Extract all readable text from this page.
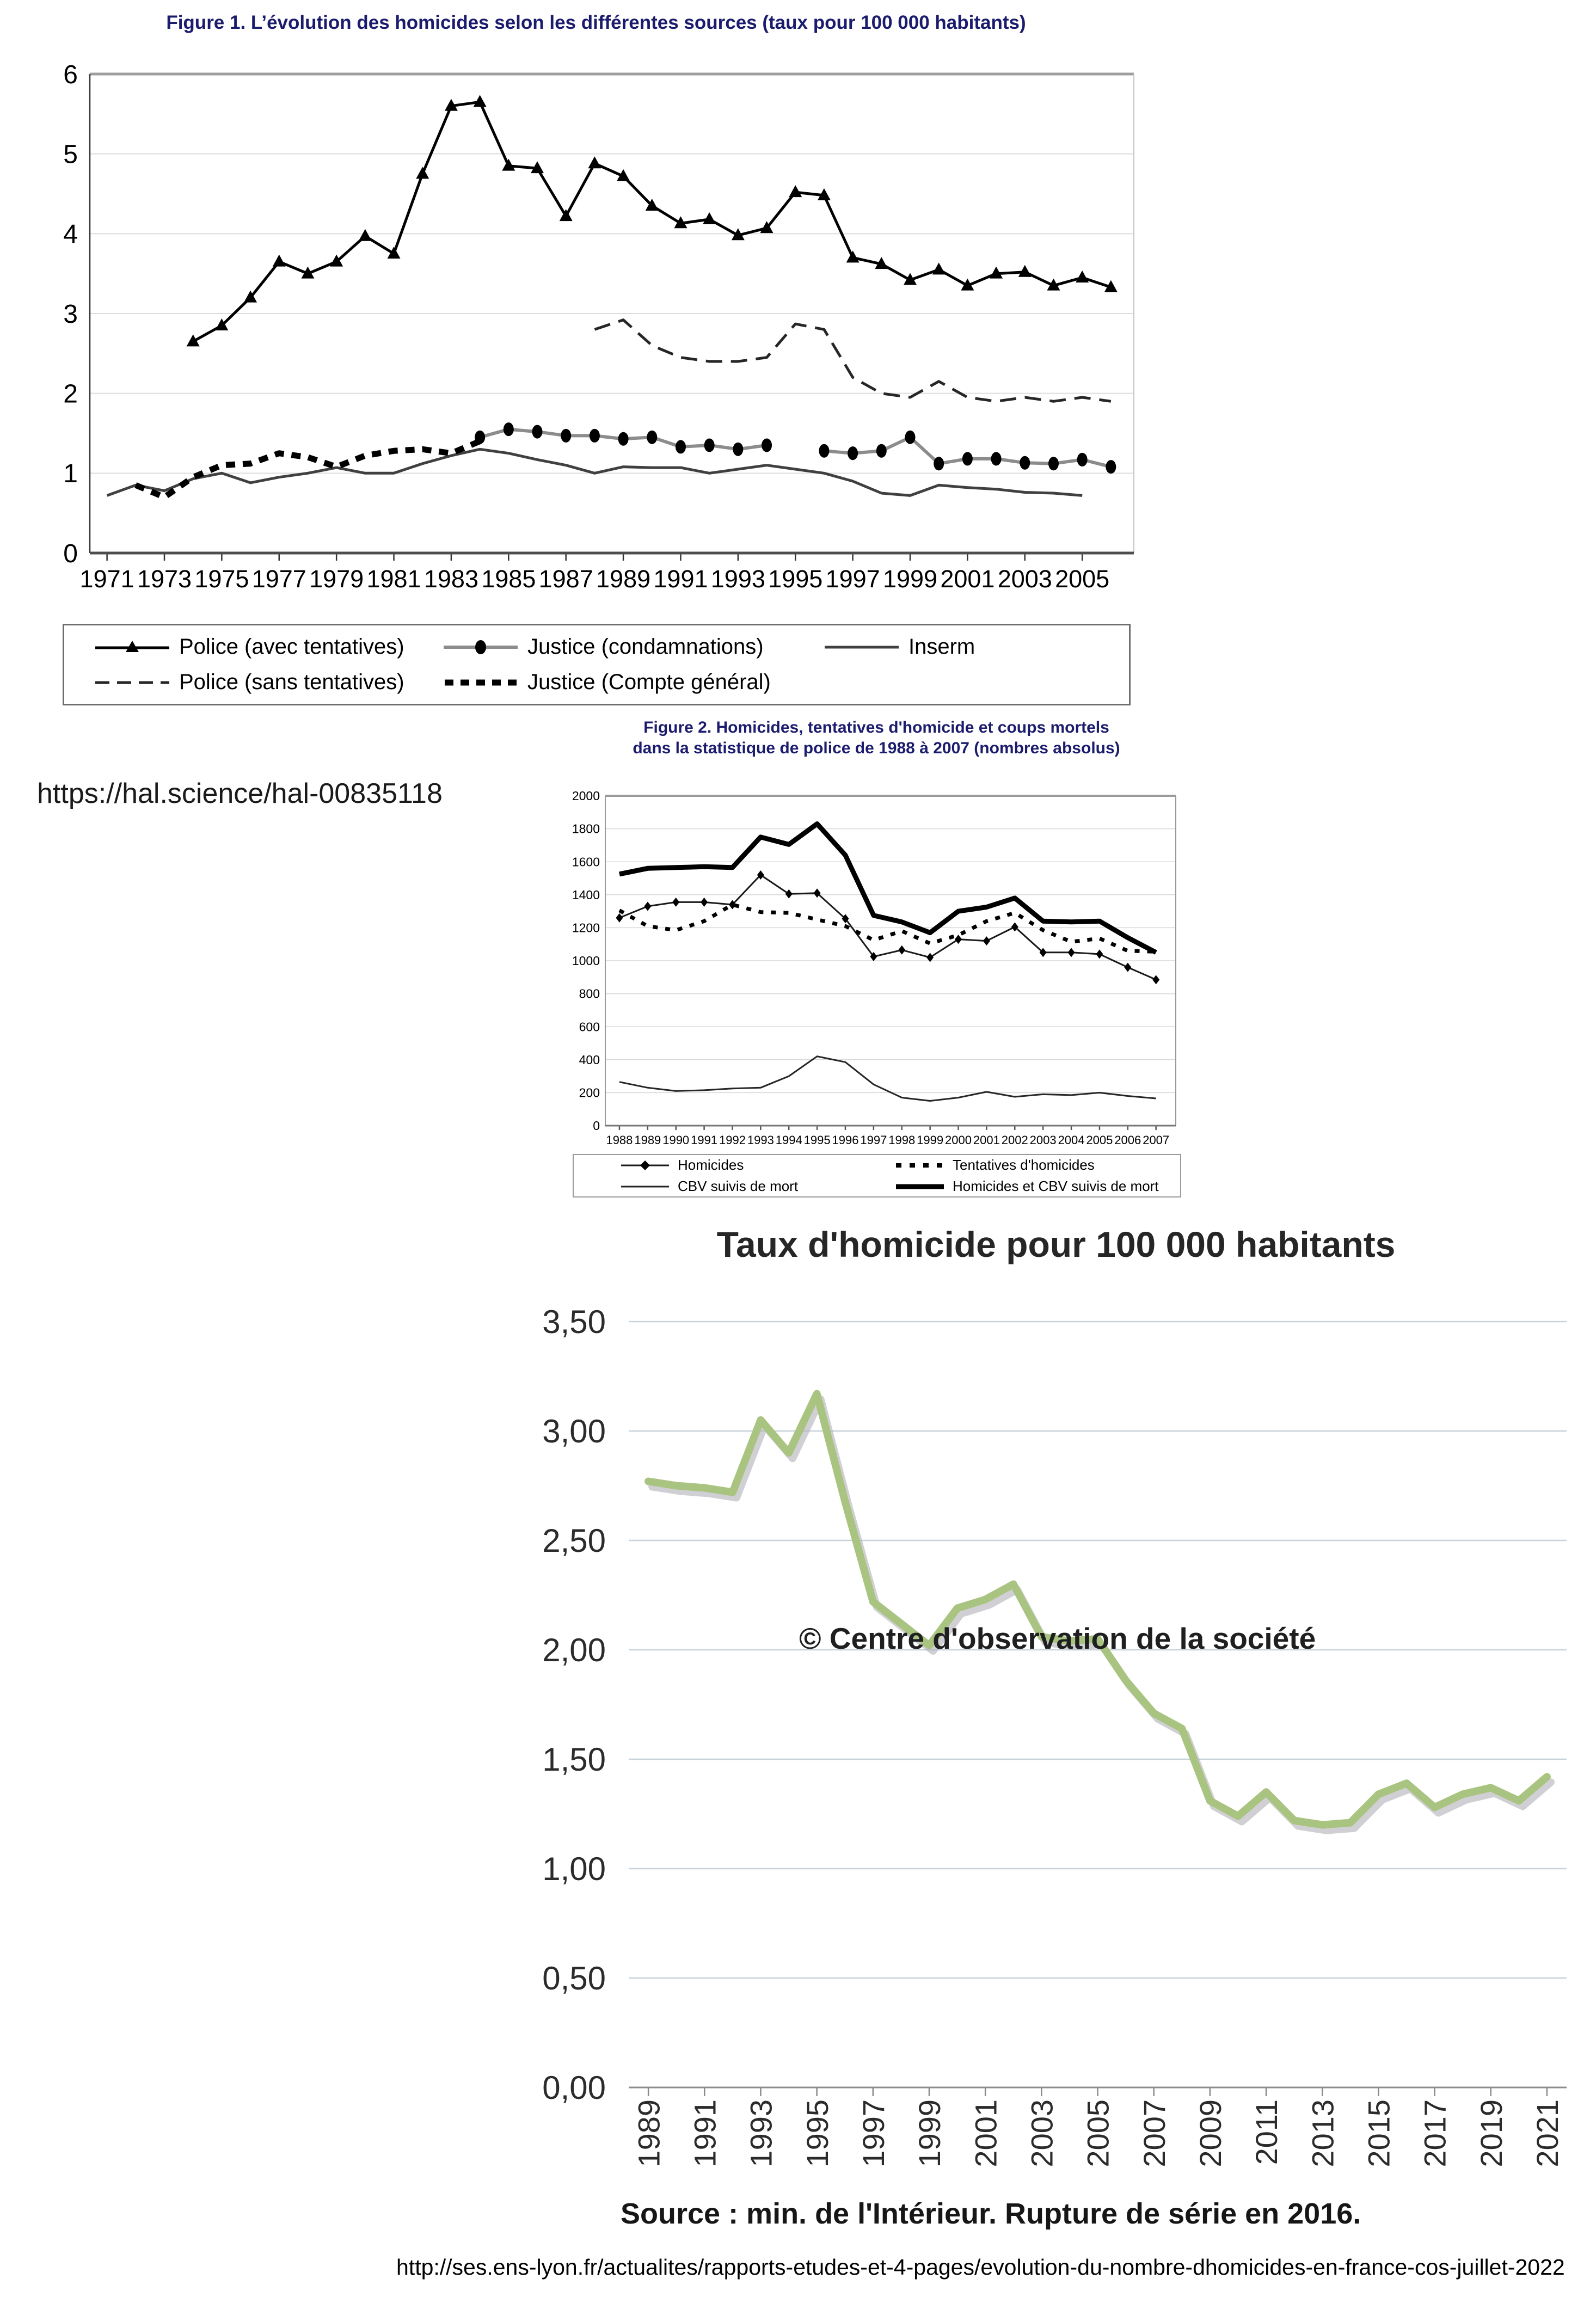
Figure 1. L’évolution des homicides selon les différentes sources (taux pour 100 000 habitants)
0
1
2
3
4
5
6
1971 1973 1975 1977 1979 1981 1983 1985 1987 1989 1991 1993 1995 1997 1999 2001 2003 2005
Police (avec tentatives)	Justice (condamnations)	Inserm
Police (sans tentatives)	Justice (Compte général)
Figure 2. Homicides, tentatives d'homicide et coups mortels
dans la statistique de police de 1988 à 2007 (nombres absolus)
https://hal.science/hal-00835118
0
200
400
600
800
1000
1200
1400
1600
1800
2000
1988 1989 1990 1991 1992 1993 1994 1995 1996 1997 1998 1999 2000 2001 2002 2003 2004 2005 2006 2007
Homicides	Tentatives d'homicides
CBV suivis de mort	Homicides et CBV suivis de mort
Taux d'homicide pour 100 000 habitants
0,00
0,50
1,00
1,50
2,00
2,50
3,00
3,50
1989 1991 1993 1995 1997 1999 2001 2003 2005 2007 2009 2011 2013 2015 2017 2019 2021
© Centre d'observation de la société
Source : min. de l'Intérieur. Rupture de série en 2016.
http://ses.ens-lyon.fr/actualites/rapports-etudes-et-4-pages/evolution-du-nombre-dhomicides-en-france-cos-juillet-2022
